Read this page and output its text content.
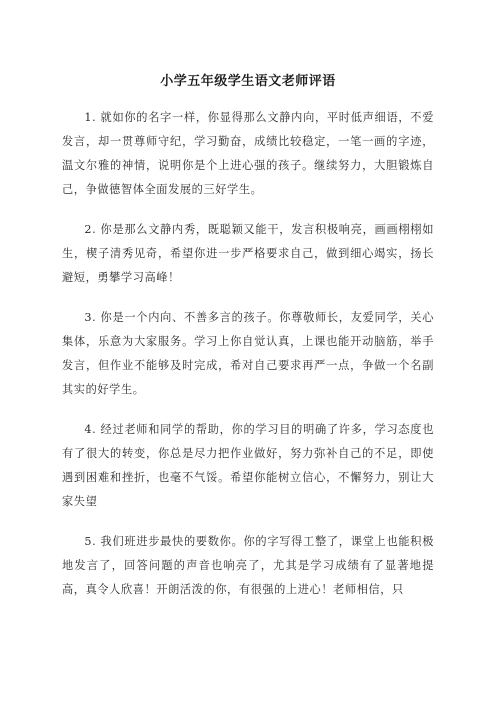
小学五年级学生语文老师评语

1. 就如你的名字一样，你显得那么文静内向，平时低声细语，不爱发言，却一贯尊师守纪，学习勤奋，成绩比较稳定，一笔一画的字迹，温文尔雅的神情，说明你是个上进心强的孩子。继续努力，大胆锻炼自己，争做德智体全面发展的三好学生。

2. 你是那么文静内秀，既聪颖又能干，发言积极响亮，画画栩栩如生，楔子清秀见奇，希望你进一步严格要求自己，做到细心竭实，扬长避短，勇攀学习高峰！

3. 你是一个内向、不善多言的孩子。你尊敬师长，友爱同学，关心集体，乐意为大家服务。学习上你自觉认真，上课也能开动脑筋，举手发言，但作业不能够及时完成，希对自己要求再严一点，争做一个名副其实的好学生。

4. 经过老师和同学的帮助，你的学习目的明确了许多，学习态度也有了很大的转变，你总是尽力把作业做好，努力弥补自己的不足，即使遇到困难和挫折，也毫不气馁。希望你能树立信心，不懈努力，别让大家失望

5. 我们班进步最快的要数你。你的字写得工整了，课堂上也能积极地发言了，回答问题的声音也响亮了，尤其是学习成绩有了显著地提高，真令人欣喜！开朗活泼的你，有很强的上进心！老师相信，只
